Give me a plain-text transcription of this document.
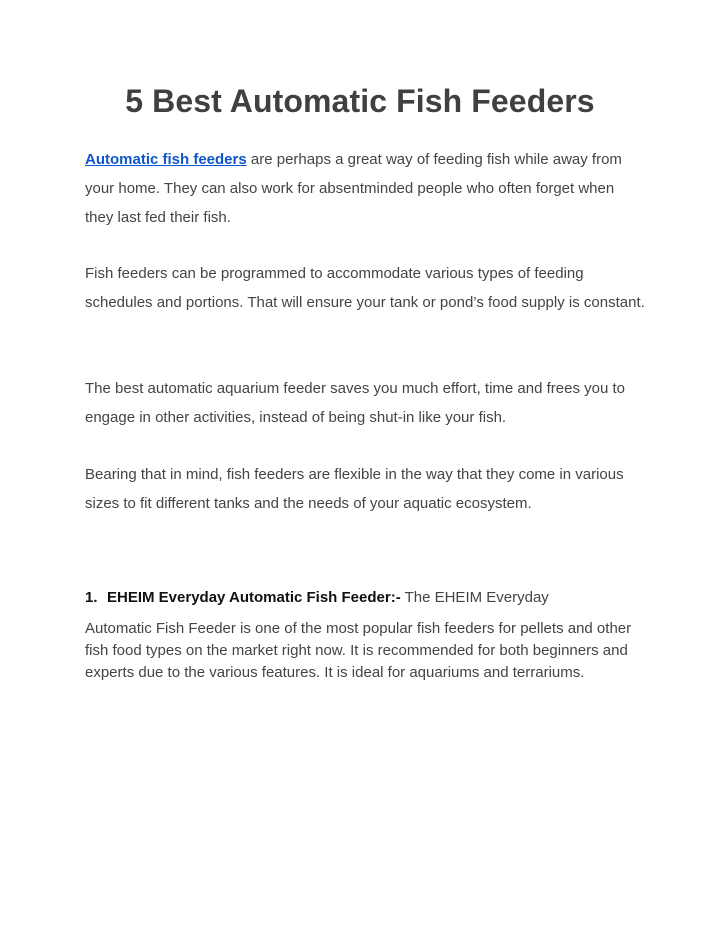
5 Best Automatic Fish Feeders

Automatic fish feeders are perhaps a great way of feeding fish while away from your home. They can also work for absentminded people who often forget when they last fed their fish.

Fish feeders can be programmed to accommodate various types of feeding schedules and portions. That will ensure your tank or pond’s food supply is constant.

The best automatic aquarium feeder saves you much effort, time and frees you to engage in other activities, instead of being shut-in like your fish.

Bearing that in mind, fish feeders are flexible in the way that they come in various sizes to fit different tanks and the needs of your aquatic ecosystem.

1. EHEIM Everyday Automatic Fish Feeder:- The EHEIM Everyday

Automatic Fish Feeder is one of the most popular fish feeders for pellets and other fish food types on the market right now. It is recommended for both beginners and experts due to the various features. It is ideal for aquariums and terrariums.
